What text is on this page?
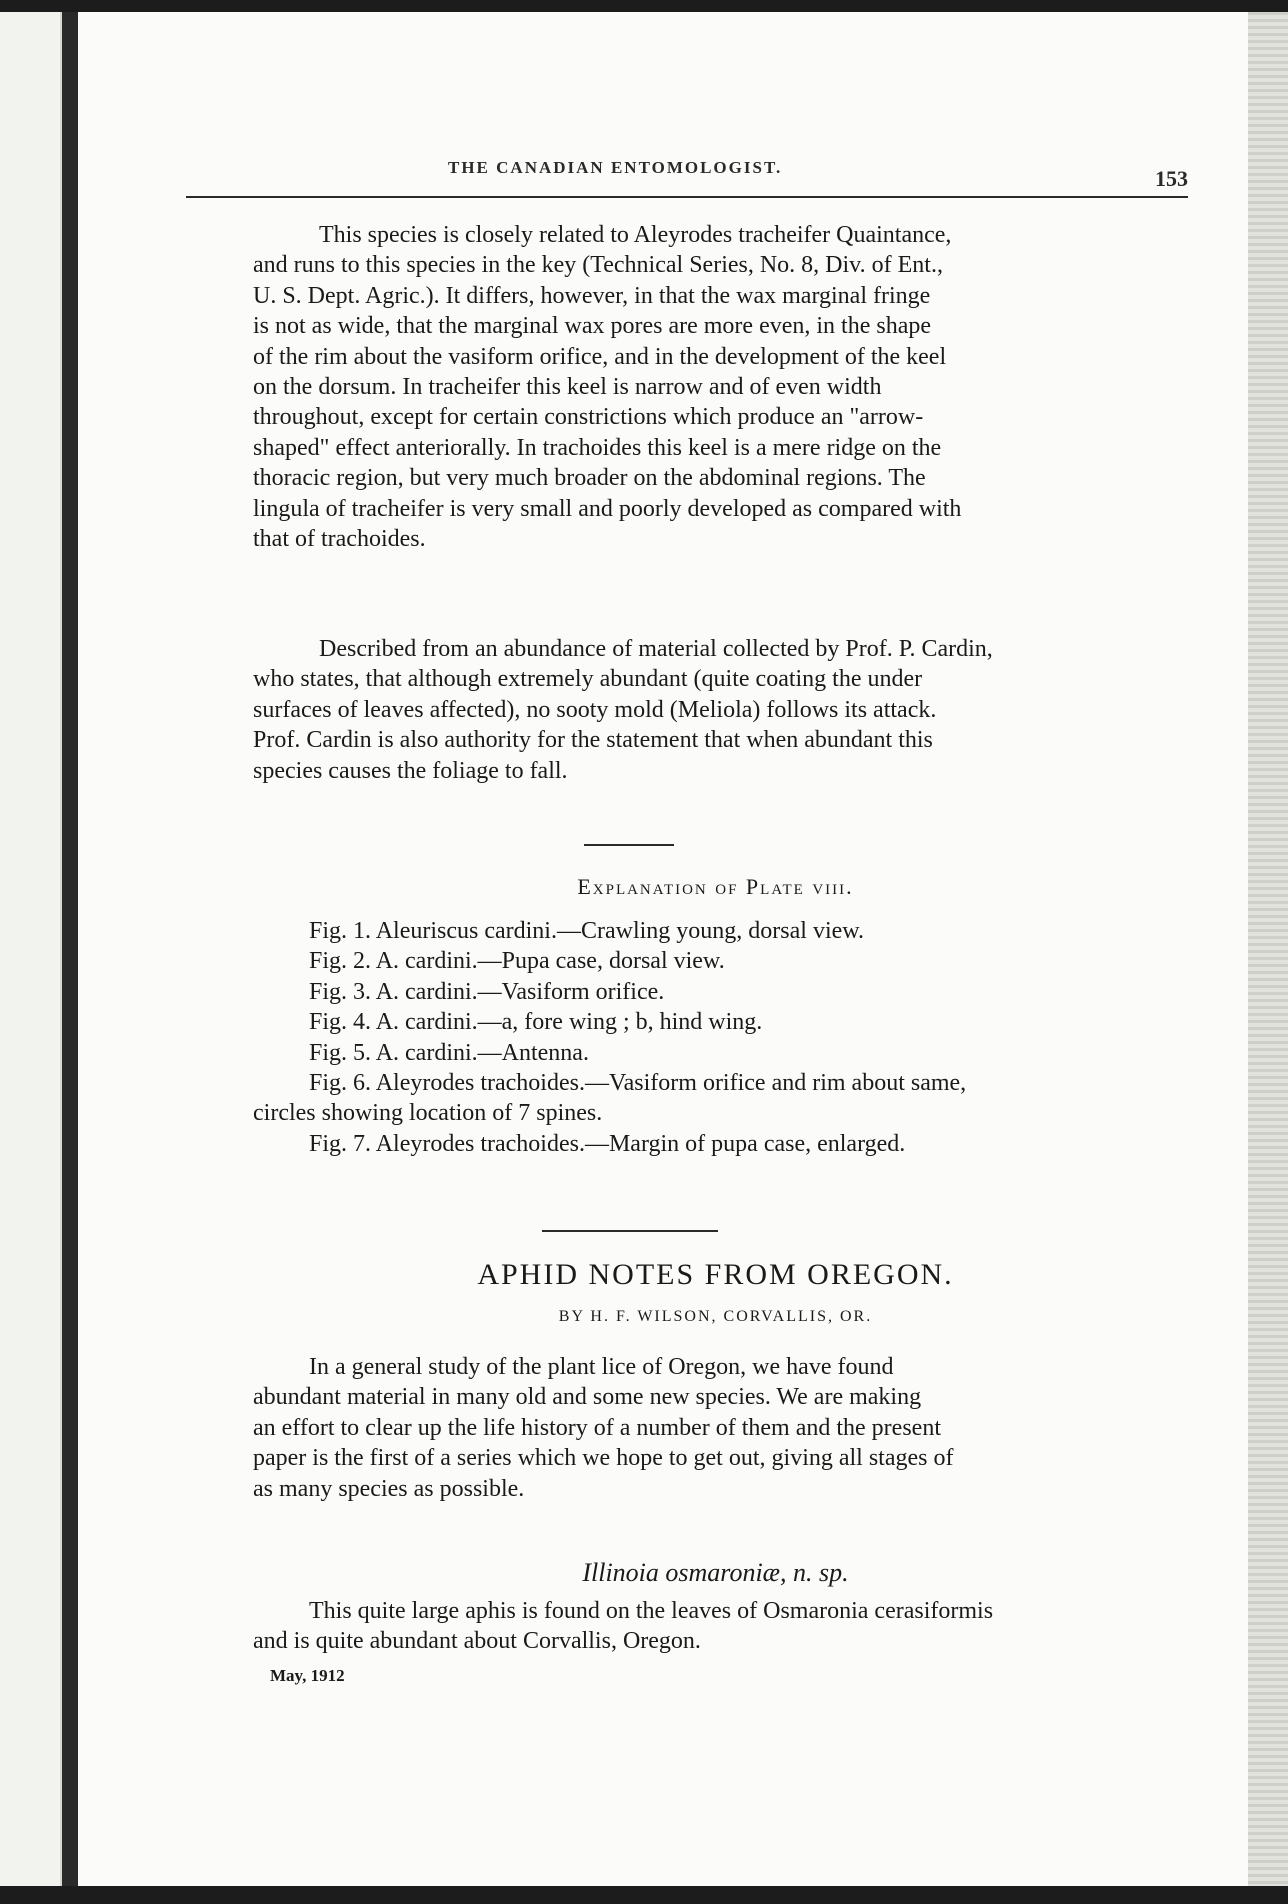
THE CANADIAN ENTOMOLOGIST.	153

This species is closely related to Aleyrodes tracheifer Quaintance,

and runs to this species in the key (Technical Series, No. 8, Div. of Ent.,

U. S. Dept. Agric.). It differs, however, in that the wax marginal fringe

is not as wide, that the marginal wax pores are more even, in the shape

of the rim about the vasiform orifice, and in the development of the keel

on the dorsum. In tracheifer this keel is narrow and of even width

throughout, except for certain constrictions which produce an "arrow-

shaped" effect anteriorally. In trachoides this keel is a mere ridge on the

thoracic region, but very much broader on the abdominal regions. The

lingula of tracheifer is very small and poorly developed as compared with

that of trachoides.

Described from an abundance of material collected by Prof. P. Cardin,

who states, that although extremely abundant (quite coating the under

surfaces of leaves affected), no sooty mold (Meliola) follows its attack.

Prof. Cardin is also authority for the statement that when abundant this

species causes the foliage to fall.

Explanation of Plate viii.

Fig. 1. Aleuriscus cardini.—Crawling young, dorsal view.

Fig. 2. A. cardini.—Pupa case, dorsal view.

Fig. 3. A. cardini.—Vasiform orifice.

Fig. 4. A. cardini.—a, fore wing ; b, hind wing.

Fig. 5. A. cardini.—Antenna.

Fig. 6. Aleyrodes trachoides.—Vasiform orifice and rim about same,

circles showing location of 7 spines.

Fig. 7. Aleyrodes trachoides.—Margin of pupa case, enlarged.

APHID NOTES FROM OREGON.
BY H. F. WILSON, CORVALLIS, OR.

In a general study of the plant lice of Oregon, we have found

abundant material in many old and some new species. We are making

an effort to clear up the life history of a number of them and the present

paper is the first of a series which we hope to get out, giving all stages of

as many species as possible.

Illinoia osmaroniæ, n. sp.

This quite large aphis is found on the leaves of Osmaronia cerasiformis

and is quite abundant about Corvallis, Oregon.

May, 1912
